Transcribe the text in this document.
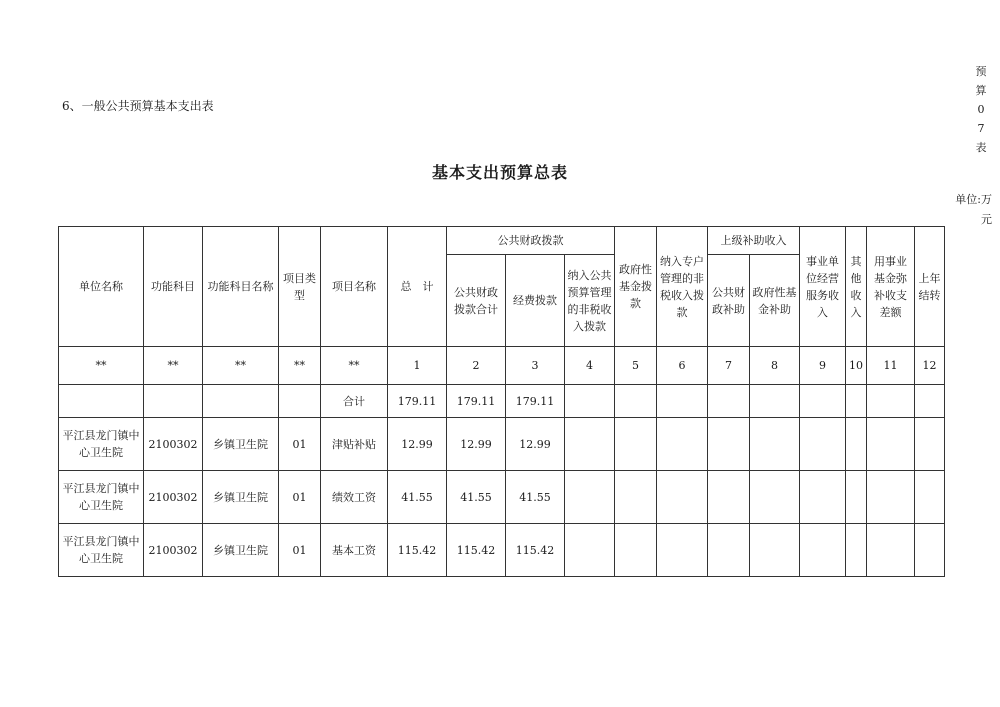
预
算
0
7
表
6、一般公共预算基本支出表
基本支出预算总表
单位:万元
单位名称	功能科目	功能科目名称	项目类型	项目名称	总　计	公共财政拨款			政府性基金拨款	纳入专户管理的非税收入拨款	上级补助收入		事业单位经营服务收入	其他收入	用事业基金弥补收支差额	上年结转
						公共财政拨款合计	经费拨款	纳入公共预算管理的非税收入拨款			公共财政补助	政府性基金补助				
**	**	**	**	**	1	2	3	4	5	6	7	8	9	10	11	12
				合计	179.11	179.11	179.11									
平江县龙门镇中心卫生院	2100302	乡镇卫生院	01	津贴补贴	12.99	12.99	12.99									
平江县龙门镇中心卫生院	2100302	乡镇卫生院	01	绩效工资	41.55	41.55	41.55									
平江县龙门镇中心卫生院	2100302	乡镇卫生院	01	基本工资	115.42	115.42	115.42									
